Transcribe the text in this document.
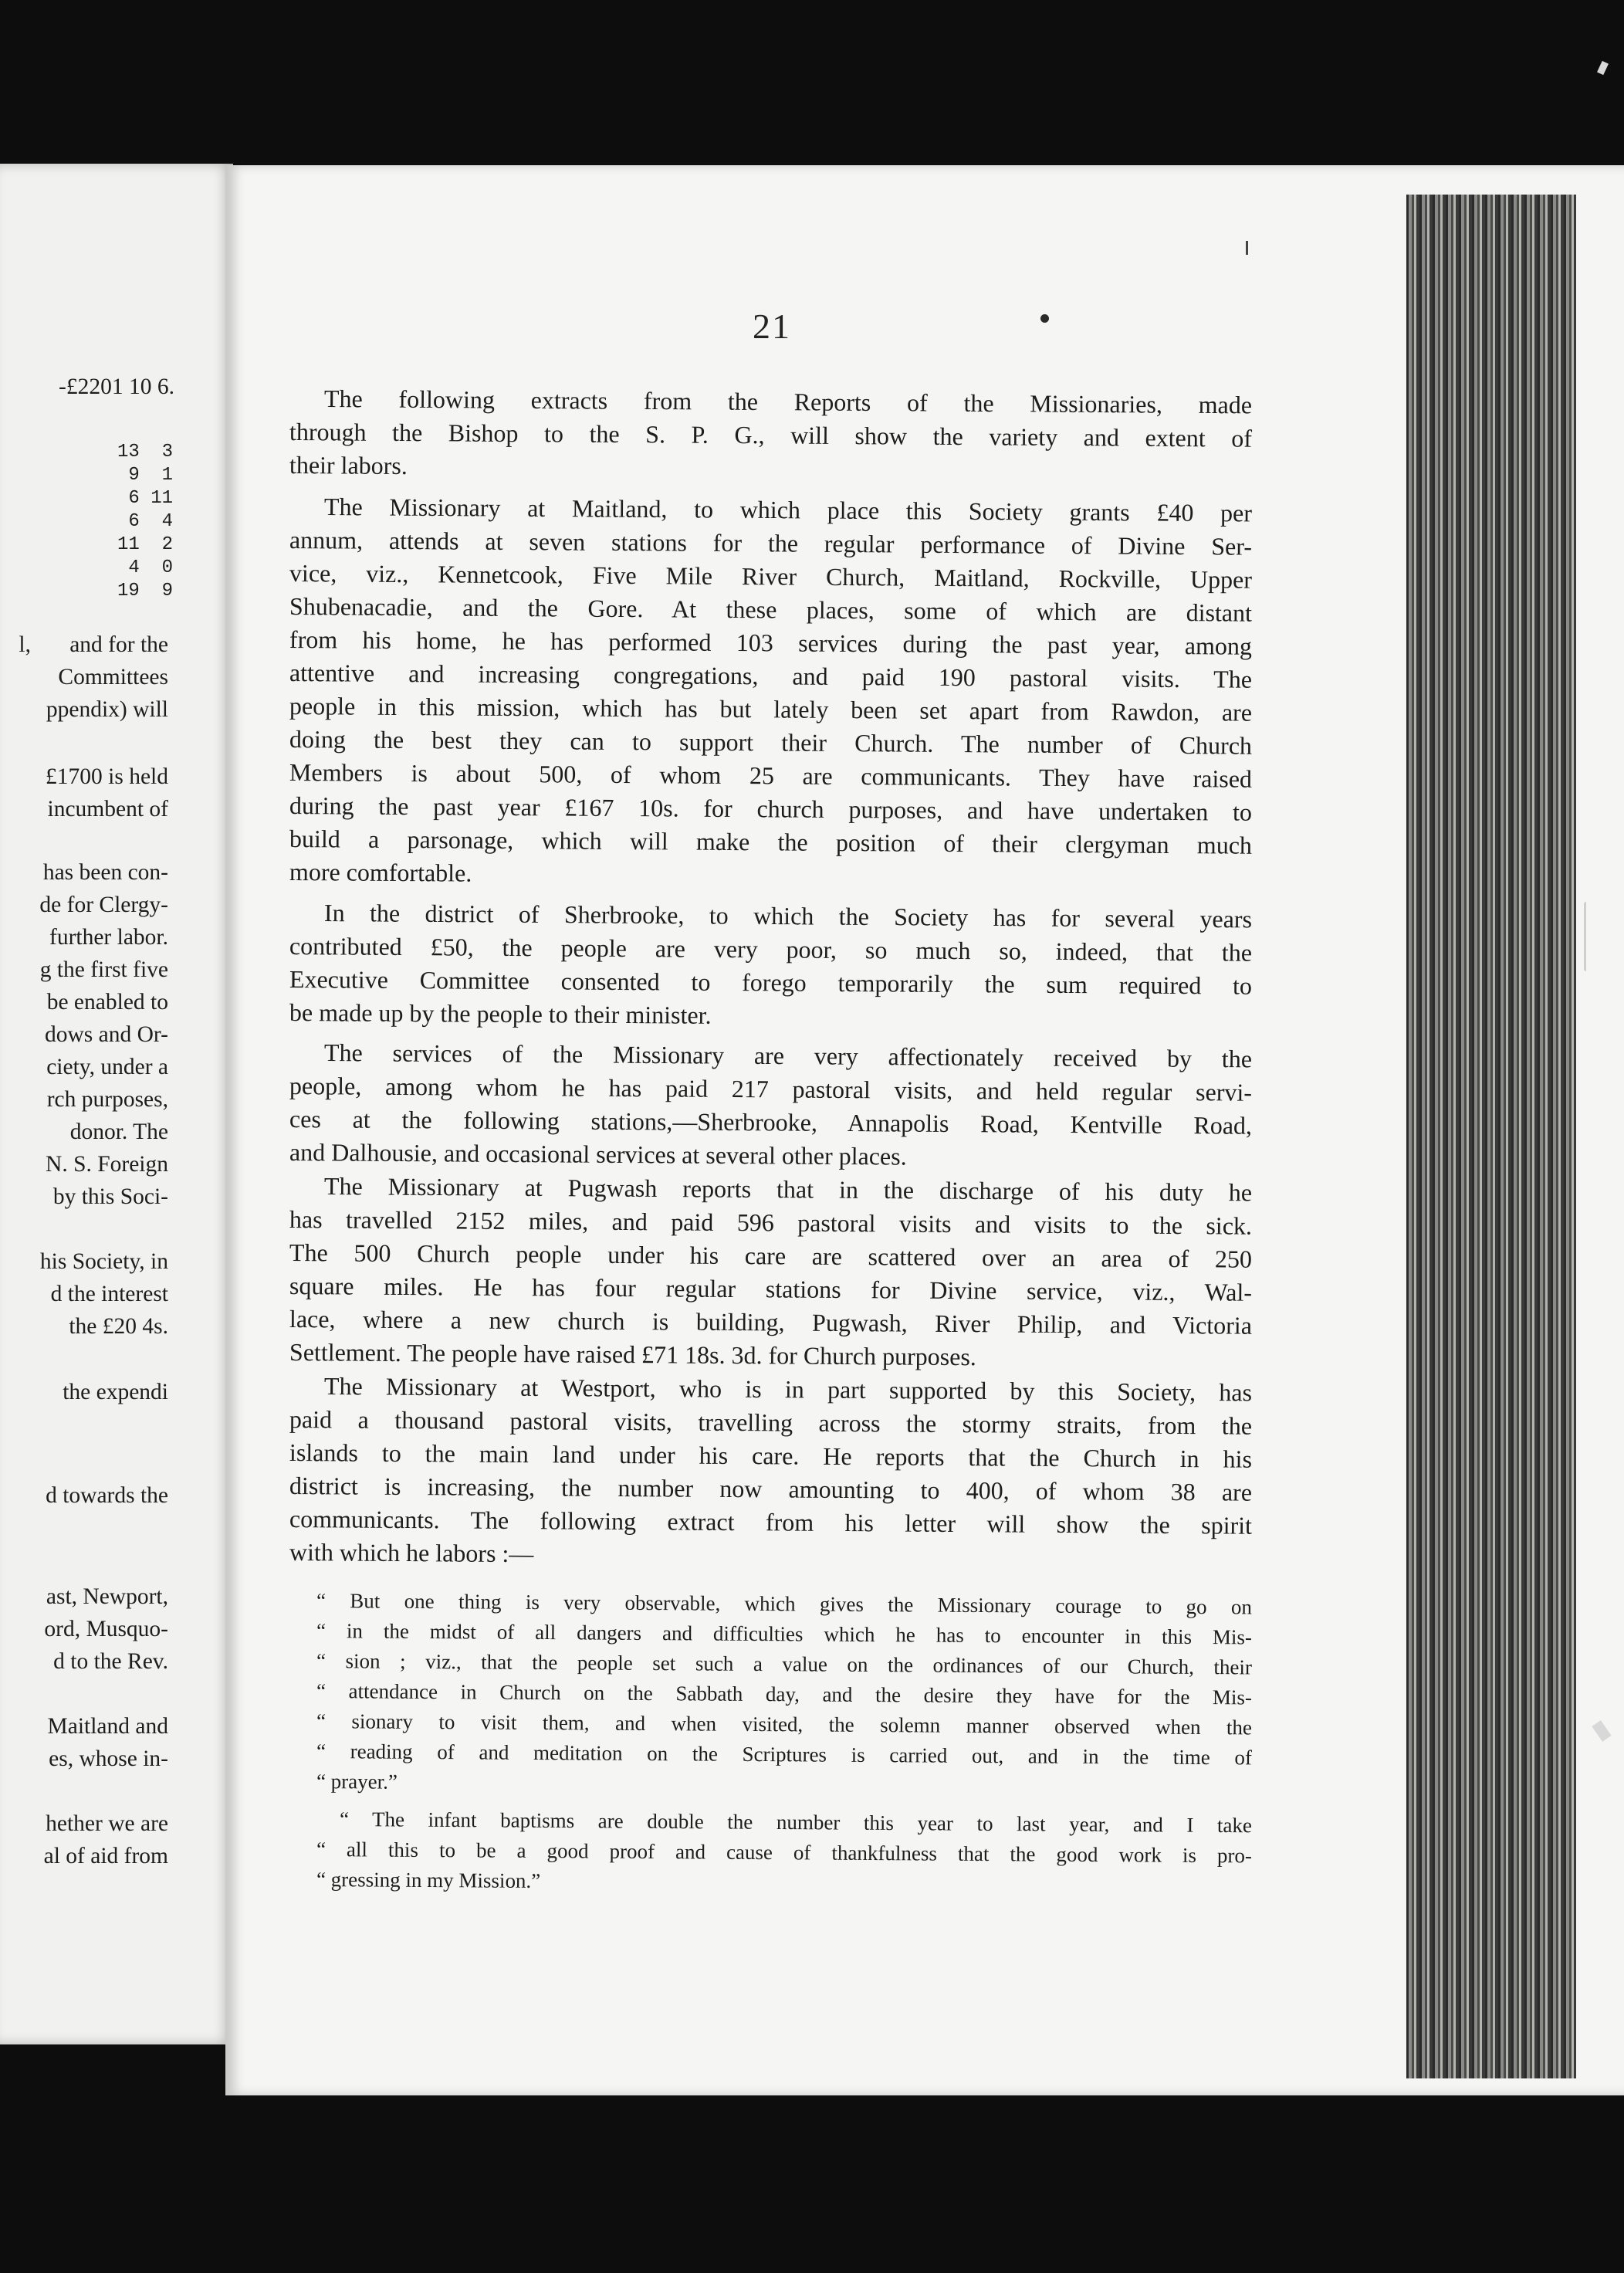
-£2201 10 6.
13  3
9  1
6 11
6  4
11  2
4  0
19  9
l, and for the
Committees
ppendix) will
£1700 is held
incumbent of
has been con-
de for Clergy-
further labor.
g the first five
be enabled to
dows and Or-
ciety, under a
rch purposes,
donor. The
N. S. Foreign
by this Soci-
his Society, in
d the interest
the £20 4s.
the expendi
d towards the
ast, Newport,
ord, Musquo-
d to the Rev.
Maitland and
es, whose in-
hether we are
al of aid from
21
The following extracts from the Reports of the Missionaries, made
through the Bishop to the S. P. G., will show the variety and extent of
their labors.
The Missionary at Maitland, to which place this Society grants £40 per
annum, attends at seven stations for the regular performance of Divine Ser-
vice, viz., Kennetcook, Five Mile River Church, Maitland, Rockville, Upper
Shubenacadie, and the Gore. At these places, some of which are distant
from his home, he has performed 103 services during the past year, among
attentive and increasing congregations, and paid 190 pastoral visits. The
people in this mission, which has but lately been set apart from Rawdon, are
doing the best they can to support their Church. The number of Church
Members is about 500, of whom 25 are communicants. They have raised
during the past year £167 10s. for church purposes, and have undertaken to
build a parsonage, which will make the position of their clergyman much
more comfortable.
In the district of Sherbrooke, to which the Society has for several years
contributed £50, the people are very poor, so much so, indeed, that the
Executive Committee consented to forego temporarily the sum required to
be made up by the people to their minister.
The services of the Missionary are very affectionately received by the
people, among whom he has paid 217 pastoral visits, and held regular servi-
ces at the following stations,—Sherbrooke, Annapolis Road, Kentville Road,
and Dalhousie, and occasional services at several other places.
The Missionary at Pugwash reports that in the discharge of his duty he
has travelled 2152 miles, and paid 596 pastoral visits and visits to the sick.
The 500 Church people under his care are scattered over an area of 250
square miles. He has four regular stations for Divine service, viz., Wal-
lace, where a new church is building, Pugwash, River Philip, and Victoria
Settlement. The people have raised £71 18s. 3d. for Church purposes.
The Missionary at Westport, who is in part supported by this Society, has
paid a thousand pastoral visits, travelling across the stormy straits, from the
islands to the main land under his care. He reports that the Church in his
district is increasing, the number now amounting to 400, of whom 38 are
communicants. The following extract from his letter will show the spirit
with which he labors :—
“ But one thing is very observable, which gives the Missionary courage to go on
“ in the midst of all dangers and difficulties which he has to encounter in this Mis-
“ sion ; viz., that the people set such a value on the ordinances of our Church, their
“ attendance in Church on the Sabbath day, and the desire they have for the Mis-
“ sionary to visit them, and when visited, the solemn manner observed when the
“ reading of and meditation on the Scriptures is carried out, and in the time of
“ prayer.”
“ The infant baptisms are double the number this year to last year, and I take
“ all this to be a good proof and cause of thankfulness that the good work is pro-
“ gressing in my Mission.”
